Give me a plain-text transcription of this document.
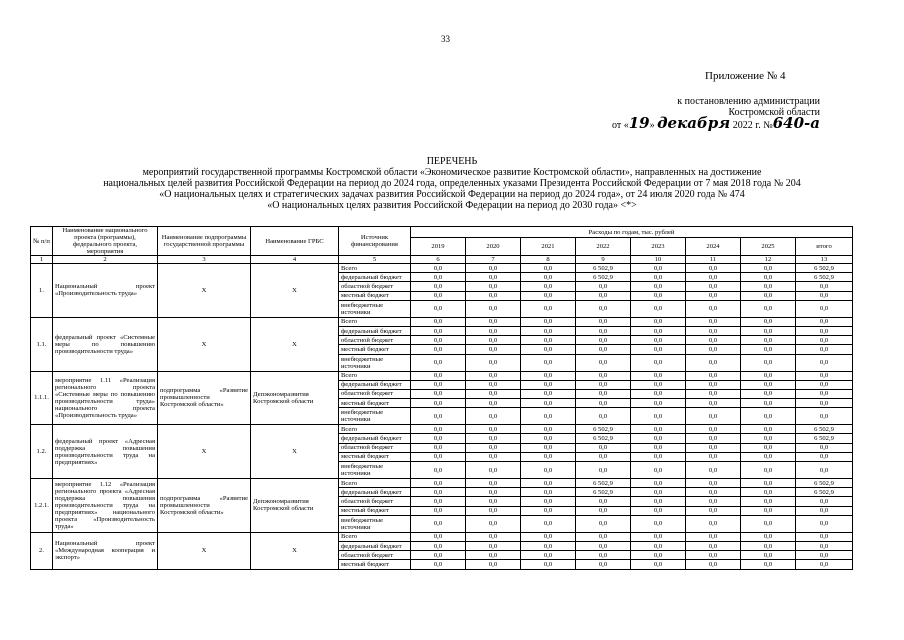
33
Приложение № 4
к постановлению администрации
Костромской области
от «19» декабря 2022 г. №640-а
ПЕРЕЧЕНЬ
мероприятий государственной программы Костромской области «Экономическое развитие Костромской области», направленных на достижение
национальных целей развития Российской Федерации на период до 2024 года, определенных указами Президента Российской Федерации от 7 мая 2018 года № 204
«О национальных целях и стратегических задачах развития Российской Федерации на период до 2024 года», от 24 июля 2020 года № 474
«О национальных целях развития Российской Федерации на период до 2030 года» <*>
№ п/п	Наименование национального проекта (программы), федерального проекта, мероприятия	Наименование подпрограммы государственной программы	Наименование ГРБС	Источник финансирования	Расходы по годам, тыс. рублей							
					2019	2020	2021	2022	2023	2024	2025	итого
1	2	3	4	5	6	7	8	9	10	11	12	13
1.	Национальный проект «Производительность труда»	Х	Х	Всего	0,0	0,0	0,0	6 502,9	0,0	0,0	0,0	6 502,9
				федеральный бюджет	0,0	0,0	0,0	6 502,9	0,0	0,0	0,0	6 502,9
				областной бюджет	0,0	0,0	0,0	0,0	0,0	0,0	0,0	0,0
				местный бюджет	0,0	0,0	0,0	0,0	0,0	0,0	0,0	0,0
				внебюджетные источники	0,0	0,0	0,0	0,0	0,0	0,0	0,0	0,0
1.1.	федеральный проект «Системные меры по повышению производительности труда»	Х	Х	Всего	0,0	0,0	0,0	0,0	0,0	0,0	0,0	0,0
				федеральный бюджет	0,0	0,0	0,0	0,0	0,0	0,0	0,0	0,0
				областной бюджет	0,0	0,0	0,0	0,0	0,0	0,0	0,0	0,0
				местный бюджет	0,0	0,0	0,0	0,0	0,0	0,0	0,0	0,0
				внебюджетные источники	0,0	0,0	0,0	0,0	0,0	0,0	0,0	0,0
1.1.1.	мероприятие 1.11 «Реализация регионального проекта «Системные меры по повышению производительности труда» национального проекта «Производительность труда»	подпрограмма «Развитие промышленности Костромской области»	Депэкономразвития Костромской области	Всего	0,0	0,0	0,0	0,0	0,0	0,0	0,0	0,0
				федеральный бюджет	0,0	0,0	0,0	0,0	0,0	0,0	0,0	0,0
				областной бюджет	0,0	0,0	0,0	0,0	0,0	0,0	0,0	0,0
				местный бюджет	0,0	0,0	0,0	0,0	0,0	0,0	0,0	0,0
				внебюджетные источники	0,0	0,0	0,0	0,0	0,0	0,0	0,0	0,0
1.2.	федеральный проект «Адресная поддержка повышения производительности труда на предприятиях»	Х	Х	Всего	0,0	0,0	0,0	6 502,9	0,0	0,0	0,0	6 502,9
				федеральный бюджет	0,0	0,0	0,0	6 502,9	0,0	0,0	0,0	6 502,9
				областной бюджет	0,0	0,0	0,0	0,0	0,0	0,0	0,0	0,0
				местный бюджет	0,0	0,0	0,0	0,0	0,0	0,0	0,0	0,0
				внебюджетные источники	0,0	0,0	0,0	0,0	0,0	0,0	0,0	0,0
1.2.1.	мероприятие 1.12 «Реализация регионального проекта «Адресная поддержка повышения производительности труда на предприятиях» национального проекта «Производительность труда»	подпрограмма «Развитие промышленности Костромской области»	Депэкономразвития Костромской области	Всего	0,0	0,0	0,0	6 502,9	0,0	0,0	0,0	6 502,9
				федеральный бюджет	0,0	0,0	0,0	6 502,9	0,0	0,0	0,0	6 502,9
				областной бюджет	0,0	0,0	0,0	0,0	0,0	0,0	0,0	0,0
				местный бюджет	0,0	0,0	0,0	0,0	0,0	0,0	0,0	0,0
				внебюджетные источники	0,0	0,0	0,0	0,0	0,0	0,0	0,0	0,0
2.	Национальный проект «Международная кооперация и экспорт»	Х	Х	Всего	0,0	0,0	0,0	0,0	0,0	0,0	0,0	0,0
				федеральный бюджет	0,0	0,0	0,0	0,0	0,0	0,0	0,0	0,0
				областной бюджет	0,0	0,0	0,0	0,0	0,0	0,0	0,0	0,0
				местный бюджет	0,0	0,0	0,0	0,0	0,0	0,0	0,0	0,0
